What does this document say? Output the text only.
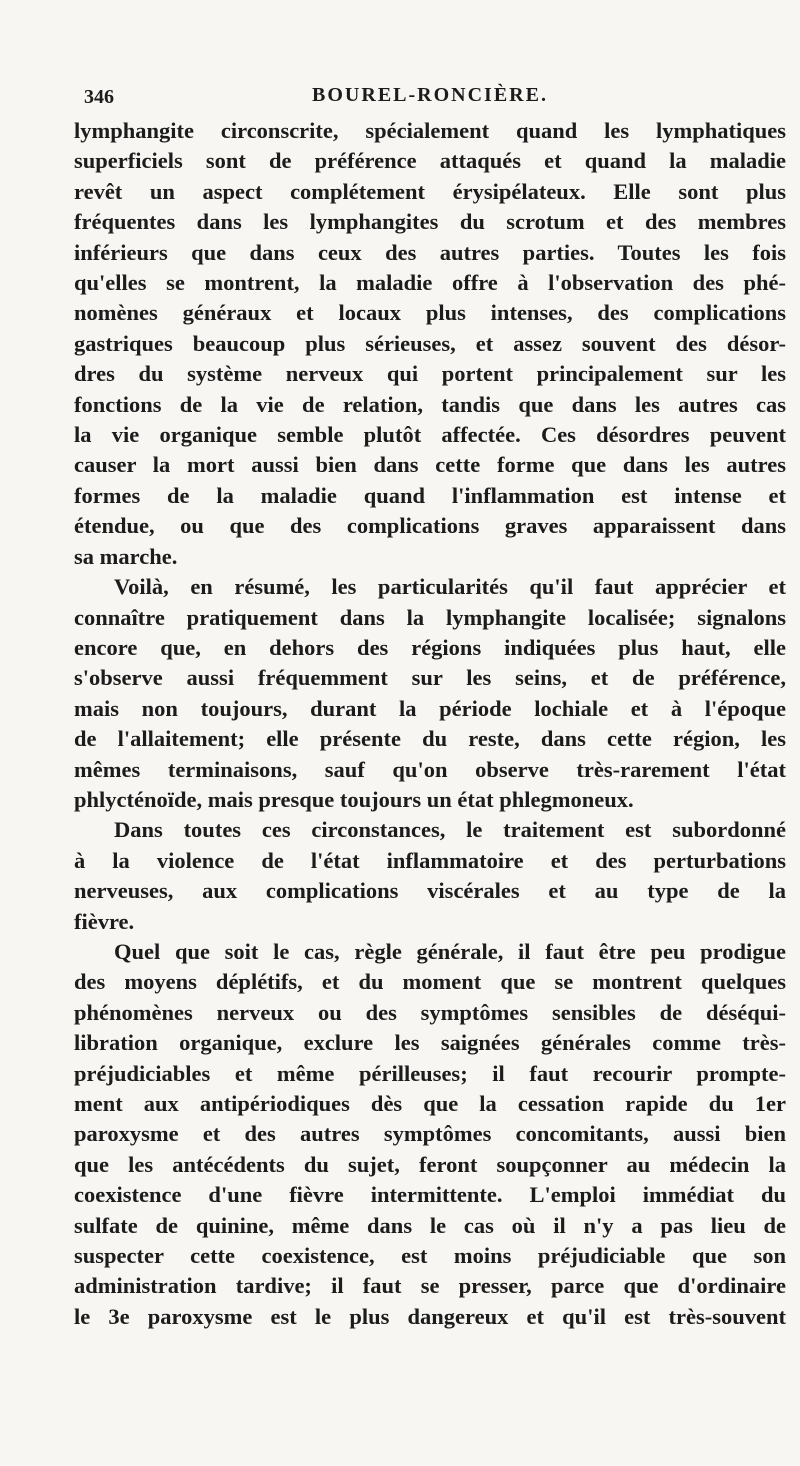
346	BOUREL-RONCIÈRE.
lymphangite circonscrite, spécialement quand les lymphatiques
superficiels sont de préférence attaqués et quand la maladie
revêt un aspect complétement érysipélateux. Elle sont plus
fréquentes dans les lymphangites du scrotum et des membres
inférieurs que dans ceux des autres parties. Toutes les fois
qu'elles se montrent, la maladie offre à l'observation des phé-
nomènes généraux et locaux plus intenses, des complications
gastriques beaucoup plus sérieuses, et assez souvent des désor-
dres du système nerveux qui portent principalement sur les
fonctions de la vie de relation, tandis que dans les autres cas
la vie organique semble plutôt affectée. Ces désordres peuvent
causer la mort aussi bien dans cette forme que dans les autres
formes de la maladie quand l'inflammation est intense et
étendue, ou que des complications graves apparaissent dans
sa marche.
Voilà, en résumé, les particularités qu'il faut apprécier et
connaître pratiquement dans la lymphangite localisée; signalons
encore que, en dehors des régions indiquées plus haut, elle
s'observe aussi fréquemment sur les seins, et de préférence,
mais non toujours, durant la période lochiale et à l'époque
de l'allaitement; elle présente du reste, dans cette région, les
mêmes terminaisons, sauf qu'on observe très-rarement l'état
phlycténoïde, mais presque toujours un état phlegmoneux.
Dans toutes ces circonstances, le traitement est subordonné
à la violence de l'état inflammatoire et des perturbations
nerveuses, aux complications viscérales et au type de la
fièvre.
Quel que soit le cas, règle générale, il faut être peu prodigue
des moyens déplétifs, et du moment que se montrent quelques
phénomènes nerveux ou des symptômes sensibles de déséqui-
libration organique, exclure les saignées générales comme très-
préjudiciables et même périlleuses; il faut recourir prompte-
ment aux antipériodiques dès que la cessation rapide du 1er
paroxysme et des autres symptômes concomitants, aussi bien
que les antécédents du sujet, feront soupçonner au médecin la
coexistence d'une fièvre intermittente. L'emploi immédiat du
sulfate de quinine, même dans le cas où il n'y a pas lieu de
suspecter cette coexistence, est moins préjudiciable que son
administration tardive; il faut se presser, parce que d'ordinaire
le 3e paroxysme est le plus dangereux et qu'il est très-souvent
